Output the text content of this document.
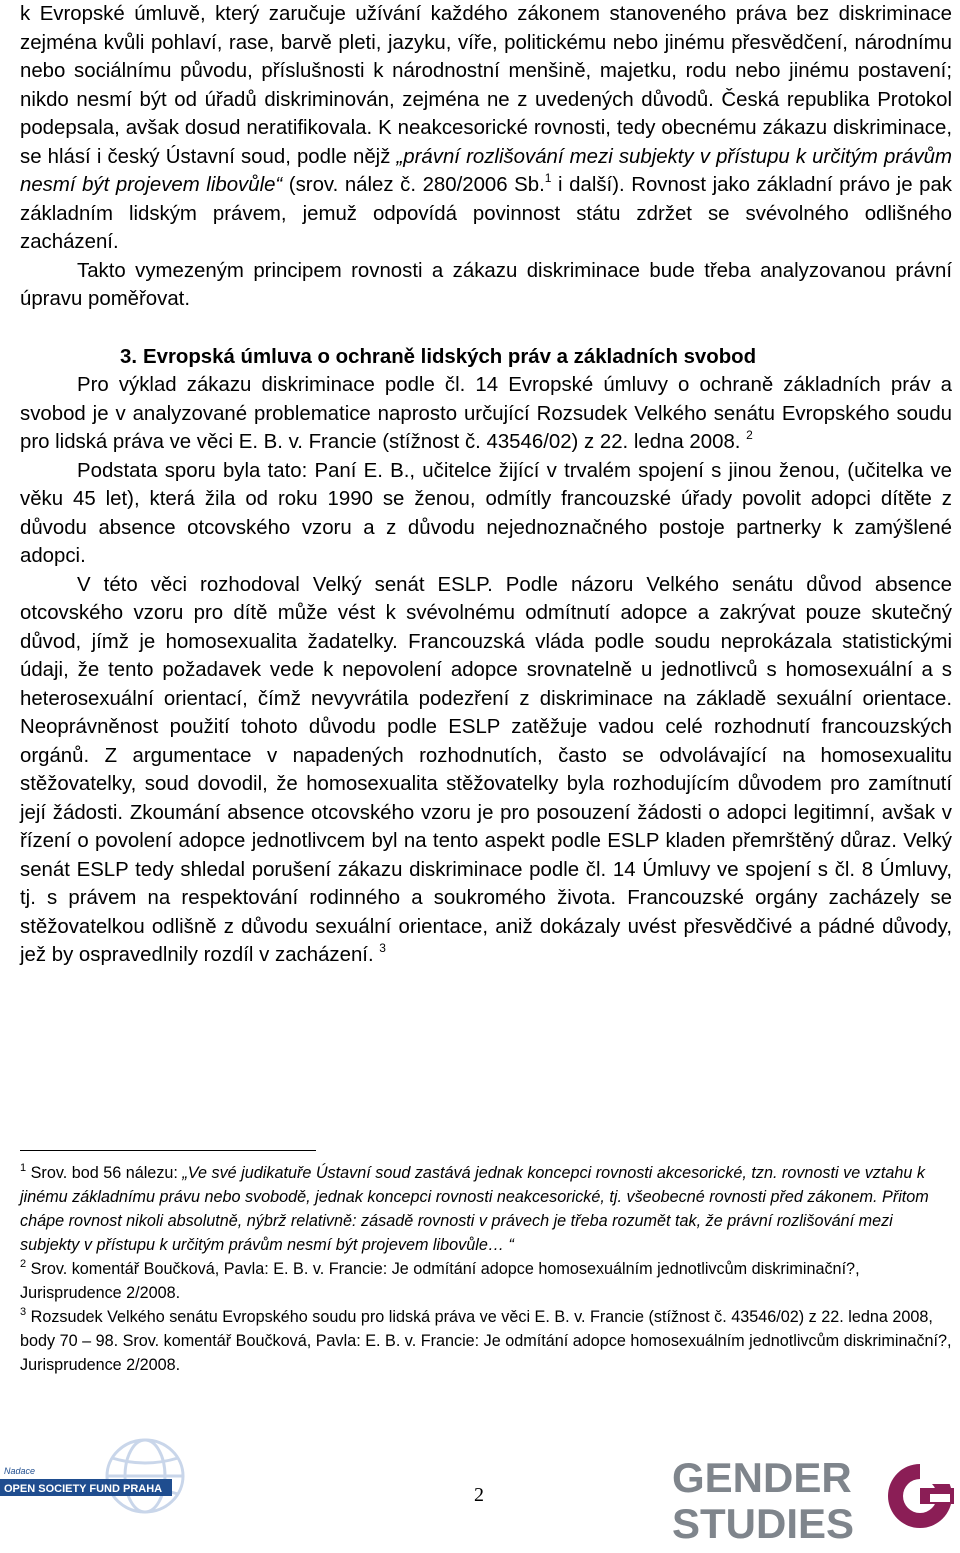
k Evropské úmluvě, který zaručuje užívání každého zákonem stanoveného práva bez diskriminace zejména kvůli pohlaví, rase, barvě pleti, jazyku, víře, politickému nebo jinému přesvědčení, národnímu nebo sociálnímu původu, příslušnosti k národnostní menšině, majetku, rodu nebo jinému postavení; nikdo nesmí být od úřadů diskriminován, zejména ne z uvedených důvodů. Česká republika Protokol podepsala, avšak dosud neratifikovala. K neakcesorické rovnosti, tedy obecnému zákazu diskriminace, se hlásí i český Ústavní soud, podle nějž „právní rozlišování mezi subjekty v přístupu k určitým právům nesmí být projevem libovůle“ (srov. nález č. 280/2006 Sb.$^1$ i další). Rovnost jako základní právo je pak základním lidským právem, jemuž odpovídá povinnost státu zdržet se svévolného odlišného zacházení.

Takto vymezeným principem rovnosti a zákazu diskriminace bude třeba analyzovanou právní úpravu poměřovat.

3. Evropská úmluva o ochraně lidských práv a základních svobod

Pro výklad zákazu diskriminace podle čl. 14 Evropské úmluvy o ochraně základních práv a svobod je v analyzované problematice naprosto určující Rozsudek Velkého senátu Evropského soudu pro lidská práva ve věci E. B. v. Francie (stížnost č. 43546/02) z 22. ledna 2008. $^2$

Podstata sporu byla tato: Paní E. B., učitelce žijící v trvalém spojení s jinou ženou, (učitelka ve věku 45 let), která žila od roku 1990 se ženou, odmítly francouzské úřady povolit adopci dítěte z důvodu absence otcovského vzoru a z důvodu nejednoznačného postoje partnerky k zamýšlené adopci.

V této věci rozhodoval Velký senát ESLP. Podle názoru Velkého senátu důvod absence otcovského vzoru pro dítě může vést k svévolnému odmítnutí adopce a zakrývat pouze skutečný důvod, jímž je homosexualita žadatelky. Francouzská vláda podle soudu neprokázala statistickými údaji, že tento požadavek vede k nepovolení adopce srovnatelně u jednotlivců s homosexuální a s heterosexuální orientací, čímž nevyvrátila podezření z diskriminace na základě sexuální orientace. Neoprávněnost použití tohoto důvodu podle ESLP zatěžuje vadou celé rozhodnutí francouzských orgánů. Z argumentace v napadených rozhodnutích, často se odvolávající na homosexualitu stěžovatelky, soud dovodil, že homosexualita stěžovatelky byla rozhodujícím důvodem pro zamítnutí její žádosti. Zkoumání absence otcovského vzoru je pro posouzení žádosti o adopci legitimní, avšak v řízení o povolení adopce jednotlivcem byl na tento aspekt podle ESLP kladen přemrštěný důraz. Velký senát ESLP tedy shledal porušení zákazu diskriminace podle čl. 14 Úmluvy ve spojení s čl. 8 Úmluvy, tj. s právem na respektování rodinného a soukromého života. Francouzské orgány zacházely se stěžovatelkou odlišně z důvodu sexuální orientace, aniž dokázaly uvést přesvědčivé a pádné důvody, jež by ospravedlnily rozdíl v zacházení. $^3$

$^1$ Srov. bod 56 nálezu: „Ve své judikatuře Ústavní soud zastává jednak koncepci rovnosti akcesorické, tzn. rovnosti ve vztahu k jinému základnímu právu nebo svobodě, jednak koncepci rovnosti neakcesorické, tj. všeobecné rovnosti před zákonem. Přitom chápe rovnost nikoli absolutně, nýbrž relativně: zásadě rovnosti v právech je třeba rozumět tak, že právní rozlišování mezi subjekty v přístupu k určitým právům nesmí být projevem libovůle… “

$^2$ Srov. komentář Boučková, Pavla: E. B. v. Francie: Je odmítání adopce homosexuálním jednotlivcům diskriminační?, Jurisprudence 2/2008.

$^3$ Rozsudek Velkého senátu Evropského soudu pro lidská práva ve věci E. B. v. Francie (stížnost č. 43546/02) z 22. ledna 2008, body 70 – 98. Srov. komentář Boučková, Pavla: E. B. v. Francie: Je odmítání adopce homosexuálním jednotlivcům diskriminační?, Jurisprudence 2/2008.

Nadace
OPEN SOCIETY FUND PRAHA	2	GENDER
STUDIES
